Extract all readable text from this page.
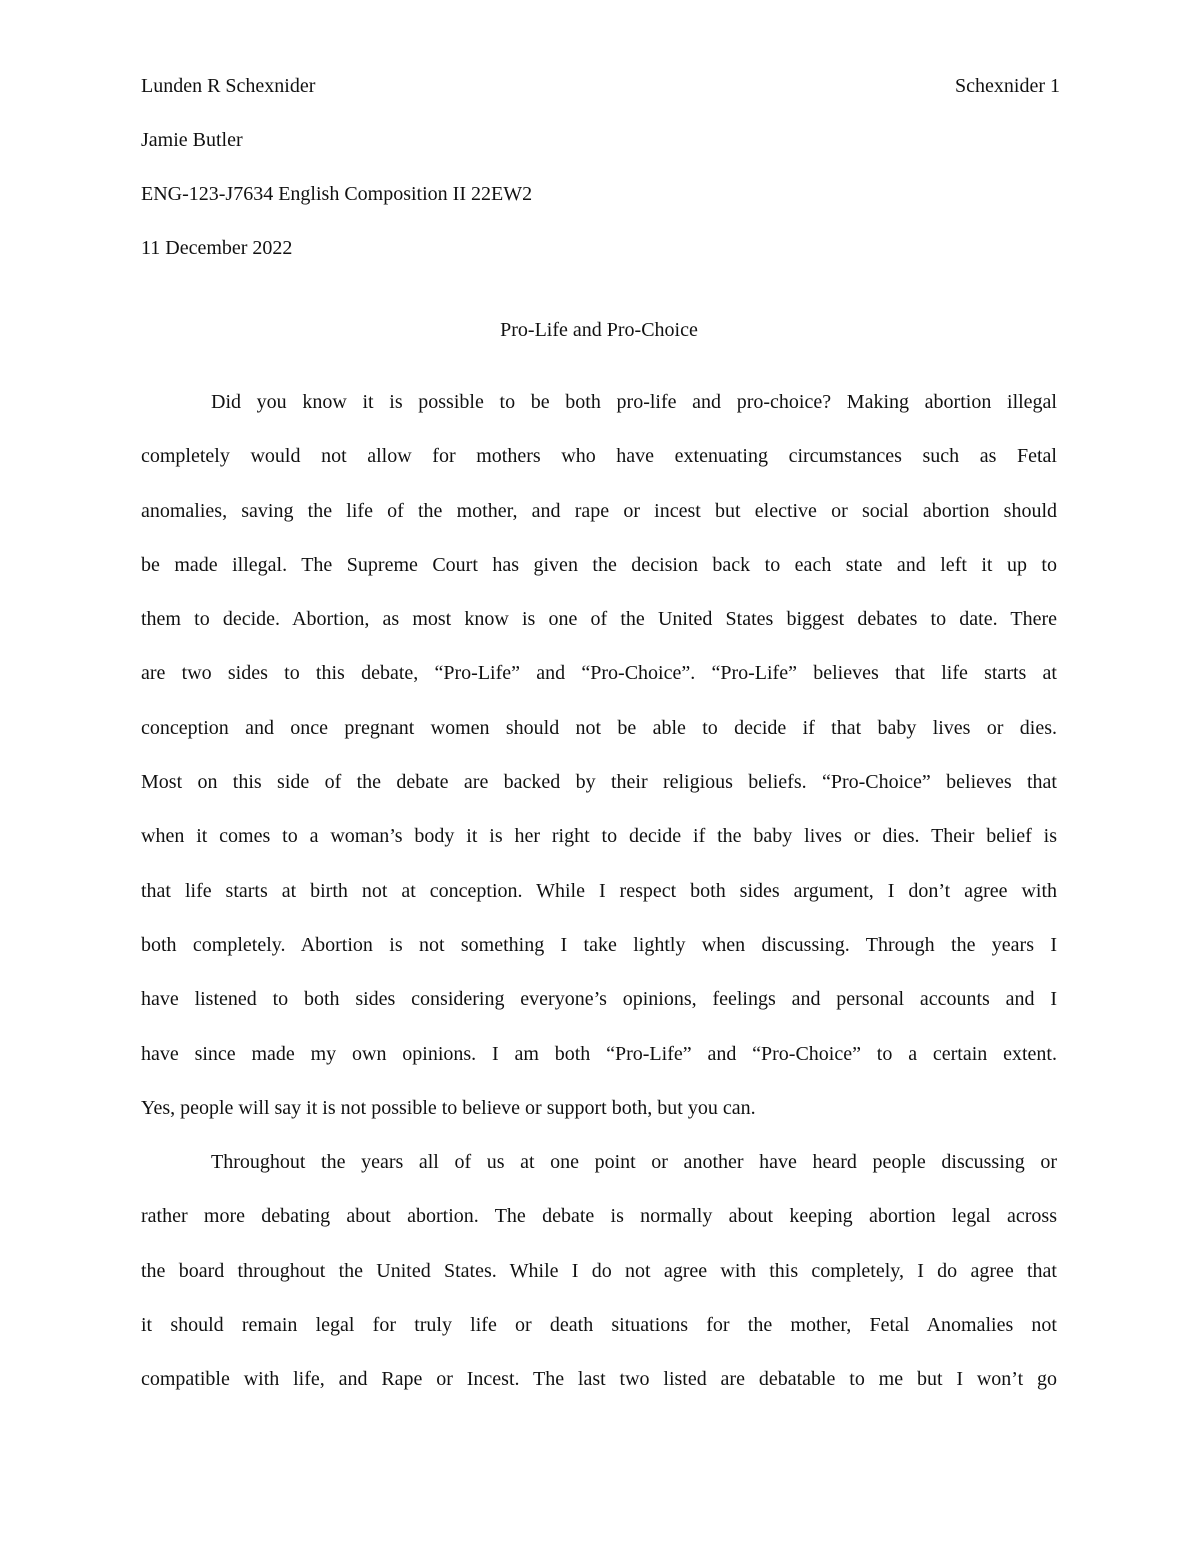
Schexnider 1
Lunden R Schexnider
Jamie Butler
ENG-123-J7634 English Composition II 22EW2
11 December 2022
Pro-Life and Pro-Choice
Did you know it is possible to be both pro-life and pro-choice? Making abortion illegal
completely would not allow for mothers who have extenuating circumstances such as Fetal
anomalies, saving the life of the mother, and rape or incest but elective or social abortion should
be made illegal. The Supreme Court has given the decision back to each state and left it up to
them to decide. Abortion, as most know is one of the United States biggest debates to date. There
are two sides to this debate, “Pro-Life” and “Pro-Choice”. “Pro-Life” believes that life starts at
conception and once pregnant women should not be able to decide if that baby lives or dies.
Most on this side of the debate are backed by their religious beliefs. “Pro-Choice” believes that
when it comes to a woman’s body it is her right to decide if the baby lives or dies. Their belief is
that life starts at birth not at conception. While I respect both sides argument, I don’t agree with
both completely. Abortion is not something I take lightly when discussing. Through the years I
have listened to both sides considering everyone’s opinions, feelings and personal accounts and I
have since made my own opinions. I am both “Pro-Life” and “Pro-Choice” to a certain extent.
Yes, people will say it is not possible to believe or support both, but you can.
Throughout the years all of us at one point or another have heard people discussing or
rather more debating about abortion. The debate is normally about keeping abortion legal across
the board throughout the United States. While I do not agree with this completely, I do agree that
it should remain legal for truly life or death situations for the mother, Fetal Anomalies not
compatible with life, and Rape or Incest. The last two listed are debatable to me but I won’t go
